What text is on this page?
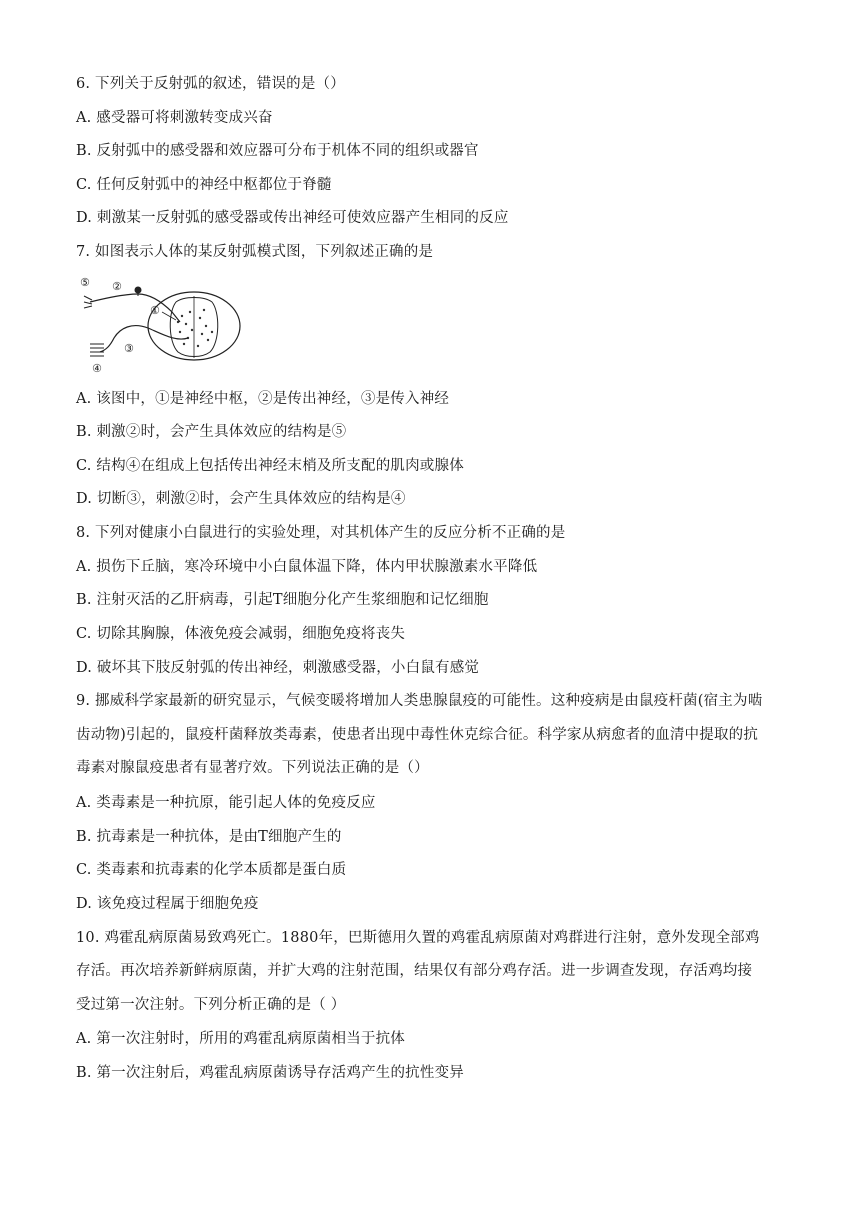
6. 下列关于反射弧的叙述，错误的是（）
A. 感受器可将刺激转变成兴奋
B. 反射弧中的感受器和效应器可分布于机体不同的组织或器官
C. 任何反射弧中的神经中枢都位于脊髓
D. 刺激某一反射弧的感受器或传出神经可使效应器产生相同的反应
7. 如图表示人体的某反射弧模式图，下列叙述正确的是
⑤ ②
①
③
④
A. 该图中，①是神经中枢，②是传出神经，③是传入神经
B. 刺激②时，会产生具体效应的结构是⑤
C. 结构④在组成上包括传出神经末梢及所支配的肌肉或腺体
D. 切断③，刺激②时，会产生具体效应的结构是④
8. 下列对健康小白鼠进行的实验处理，对其机体产生的反应分析不正确的是
A. 损伤下丘脑，寒冷环境中小白鼠体温下降，体内甲状腺激素水平降低
B. 注射灭活的乙肝病毒，引起T细胞分化产生浆细胞和记忆细胞
C. 切除其胸腺，体液免疫会减弱，细胞免疫将丧失
D. 破坏其下肢反射弧的传出神经，刺激感受器，小白鼠有感觉
9. 挪威科学家最新的研究显示，气候变暖将增加人类患腺鼠疫的可能性。这种疫病是由鼠疫杆菌(宿主为啮
齿动物)引起的，鼠疫杆菌释放类毒素，使患者出现中毒性休克综合征。科学家从病愈者的血清中提取的抗
毒素对腺鼠疫患者有显著疗效。下列说法正确的是（）
A. 类毒素是一种抗原，能引起人体的免疫反应
B. 抗毒素是一种抗体，是由T细胞产生的
C. 类毒素和抗毒素的化学本质都是蛋白质
D. 该免疫过程属于细胞免疫
10. 鸡霍乱病原菌易致鸡死亡。1880年，巴斯德用久置的鸡霍乱病原菌对鸡群进行注射，意外发现全部鸡
存活。再次培养新鲜病原菌，并扩大鸡的注射范围，结果仅有部分鸡存活。进一步调查发现，存活鸡均接
受过第一次注射。下列分析正确的是（ ）
A. 第一次注射时，所用的鸡霍乱病原菌相当于抗体
B. 第一次注射后，鸡霍乱病原菌诱导存活鸡产生的抗性变异
